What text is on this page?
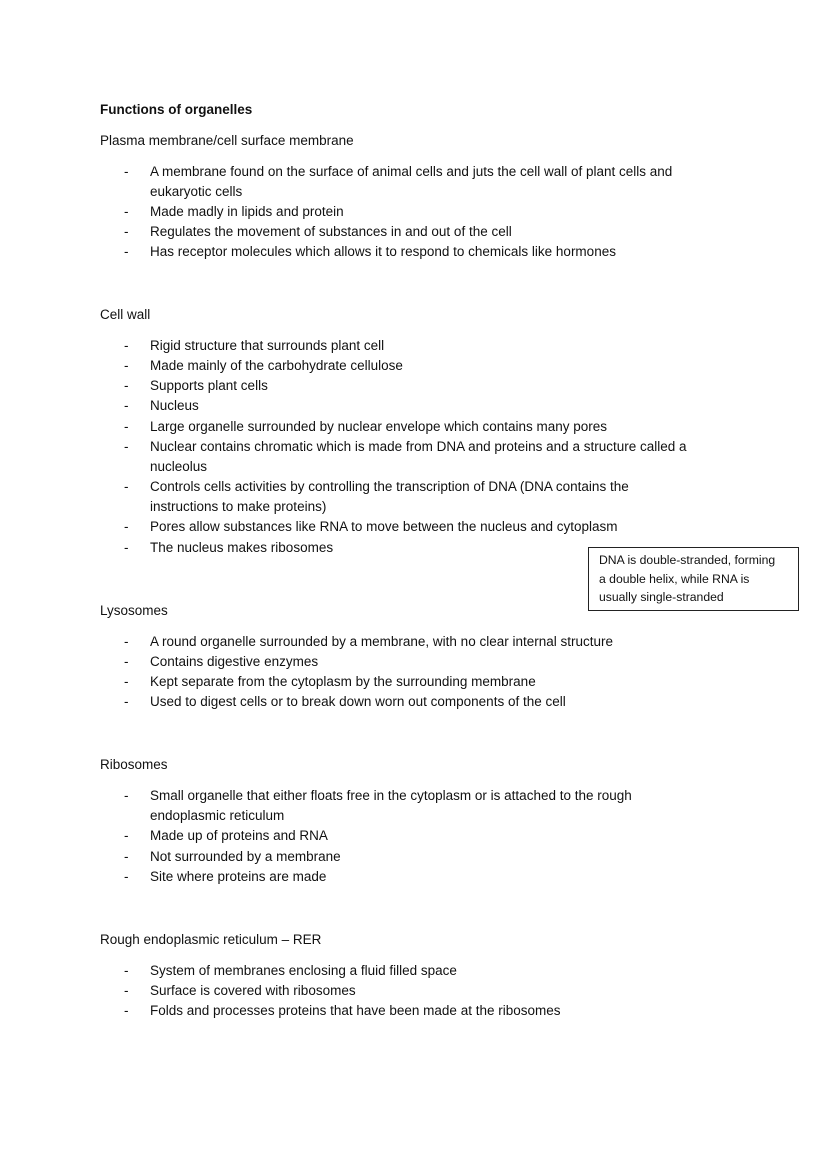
Functions of organelles
Plasma membrane/cell surface membrane
- A membrane found on the surface of animal cells and juts the cell wall of plant cells and
eukaryotic cells
- Made madly in lipids and protein
- Regulates the movement of substances in and out of the cell
- Has receptor molecules which allows it to respond to chemicals like hormones
Cell wall
- Rigid structure that surrounds plant cell
- Made mainly of the carbohydrate cellulose
- Supports plant cells
- Nucleus
- Large organelle surrounded by nuclear envelope which contains many pores
- Nuclear contains chromatic which is made from DNA and proteins and a structure called a
nucleolus
- Controls cells activities by controlling the transcription of DNA (DNA contains the
instructions to make proteins)
- Pores allow substances like RNA to move between the nucleus and cytoplasm
- The nucleus makes ribosomes
DNA is double-stranded, forming
a double helix, while RNA is
usually single-stranded
Lysosomes
- A round organelle surrounded by a membrane, with no clear internal structure
- Contains digestive enzymes
- Kept separate from the cytoplasm by the surrounding membrane
- Used to digest cells or to break down worn out components of the cell
Ribosomes
- Small organelle that either floats free in the cytoplasm or is attached to the rough
endoplasmic reticulum
- Made up of proteins and RNA
- Not surrounded by a membrane
- Site where proteins are made
Rough endoplasmic reticulum – RER
- System of membranes enclosing a fluid filled space
- Surface is covered with ribosomes
- Folds and processes proteins that have been made at the ribosomes
